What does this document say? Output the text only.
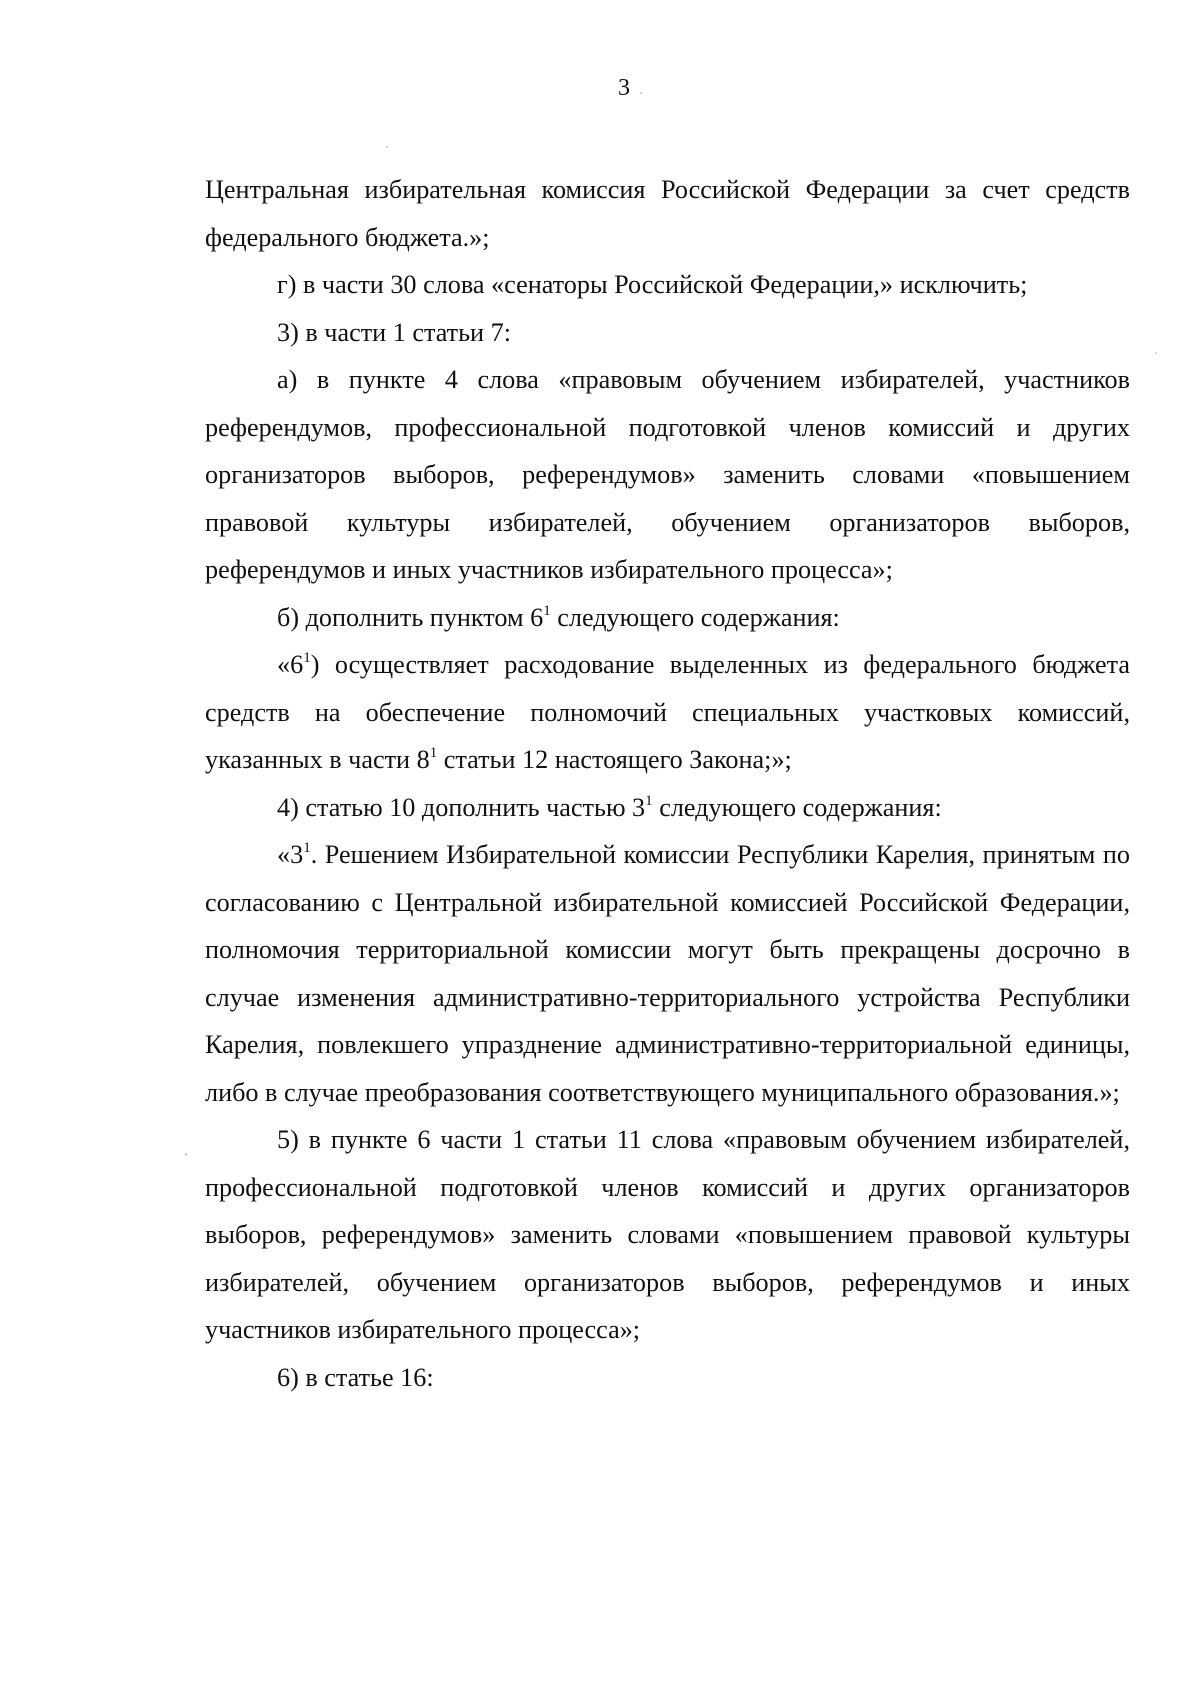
3

Центральная избирательная комиссия Российской Федерации за счет средств федерального бюджета.»;

г) в части 30 слова «сенаторы Российской Федерации,» исключить;

3) в части 1 статьи 7:

а) в пункте 4 слова «правовым обучением избирателей, участников референдумов, профессиональной подготовкой членов комиссий и других организаторов выборов, референдумов» заменить словами «повышением правовой культуры избирателей, обучением организаторов выборов, референдумов и иных участников избирательного процесса»;

б) дополнить пунктом $6^1$ следующего содержания:

«$6^1$) осуществляет расходование выделенных из федерального бюджета средств на обеспечение полномочий специальных участковых комиссий, указанных в части $8^1$ статьи 12 настоящего Закона;»;

4) статью 10 дополнить частью $3^1$ следующего содержания:

«$3^1$. Решением Избирательной комиссии Республики Карелия, принятым по согласованию с Центральной избирательной комиссией Российской Федерации, полномочия территориальной комиссии могут быть прекращены досрочно в случае изменения административно-территориального устройства Республики Карелия, повлекшего упразднение административно-территориальной единицы, либо в случае преобразования соответствующего муниципального образования.»;

5) в пункте 6 части 1 статьи 11 слова «правовым обучением избирателей, профессиональной подготовкой членов комиссий и других организаторов выборов, референдумов» заменить словами «повышением правовой культуры избирателей, обучением организаторов выборов, референдумов и иных участников избирательного процесса»;

6) в статье 16:
